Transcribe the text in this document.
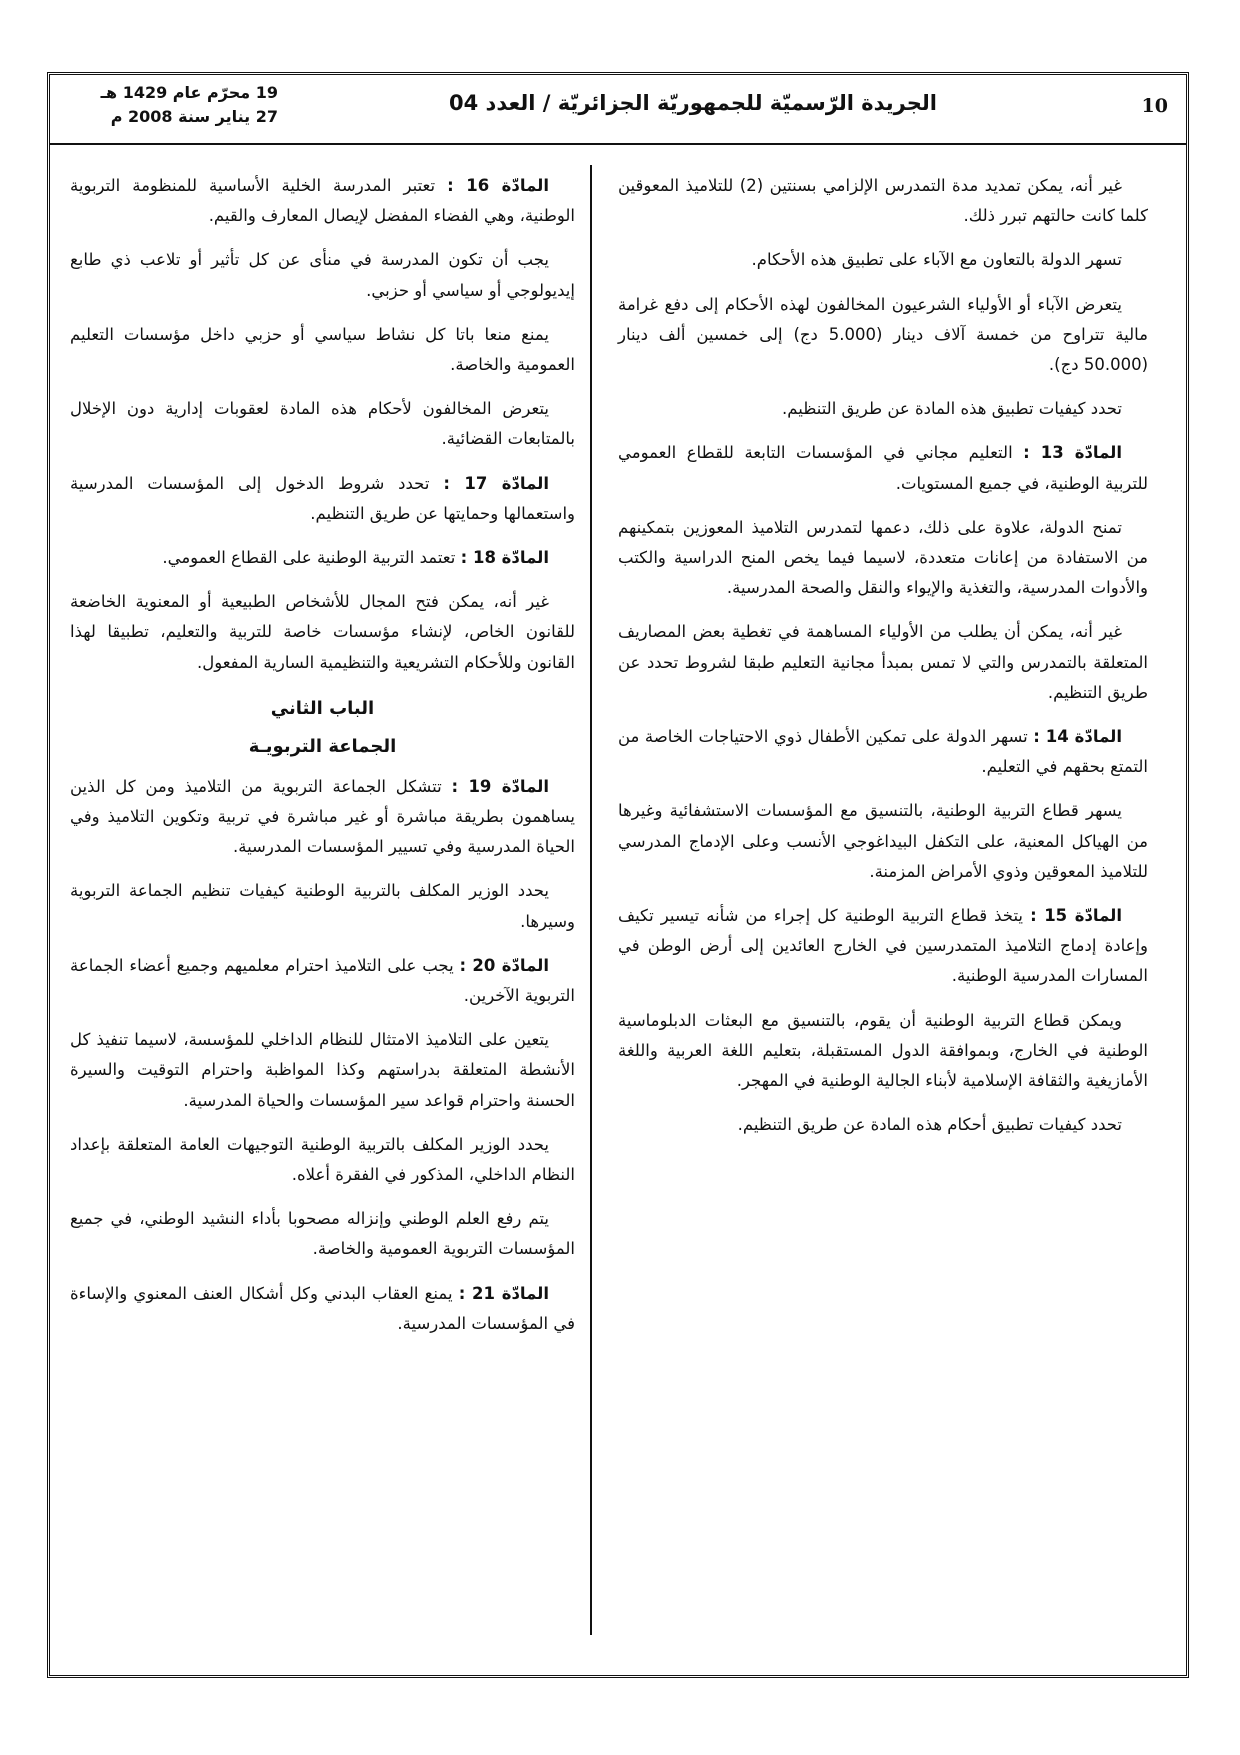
10
الجريدة الرّسميّة للجمهوريّة الجزائريّة / العدد 04
19 محرّم عام 1429 هـ
27 يناير سنة 2008 م

غير أنه، يمكن تمديد مدة التمدرس الإلزامي بسنتين (2) للتلاميذ المعوقين كلما كانت حالتهم تبرر ذلك.

تسهر الدولة بالتعاون مع الآباء على تطبيق هذه الأحكام.

يتعرض الآباء أو الأولياء الشرعيون المخالفون لهذه الأحكام إلى دفع غرامة مالية تتراوح من خمسة آلاف دينار (5.000 دج) إلى خمسين ألف دينار (50.000 دج).

تحدد كيفيات تطبيق هذه المادة عن طريق التنظيم.

المادّة 13 : التعليم مجاني في المؤسسات التابعة للقطاع العمومي للتربية الوطنية، في جميع المستويات.

تمنح الدولة، علاوة على ذلك، دعمها لتمدرس التلاميذ المعوزين بتمكينهم من الاستفادة من إعانات متعددة، لاسيما فيما يخص المنح الدراسية والكتب والأدوات المدرسية، والتغذية والإيواء والنقل والصحة المدرسية.

غير أنه، يمكن أن يطلب من الأولياء المساهمة في تغطية بعض المصاريف المتعلقة بالتمدرس والتي لا تمس بمبدأ مجانية التعليم طبقا لشروط تحدد عن طريق التنظيم.

المادّة 14 : تسهر الدولة على تمكين الأطفال ذوي الاحتياجات الخاصة من التمتع بحقهم في التعليم.

يسهر قطاع التربية الوطنية، بالتنسيق مع المؤسسات الاستشفائية وغيرها من الهياكل المعنية، على التكفل البيداغوجي الأنسب وعلى الإدماج المدرسي للتلاميذ المعوقين وذوي الأمراض المزمنة.

المادّة 15 : يتخذ قطاع التربية الوطنية كل إجراء من شأنه تيسير تكيف وإعادة إدماج التلاميذ المتمدرسين في الخارج العائدين إلى أرض الوطن في المسارات المدرسية الوطنية.

ويمكن قطاع التربية الوطنية أن يقوم، بالتنسيق مع البعثات الدبلوماسية الوطنية في الخارج، وبموافقة الدول المستقبلة، بتعليم اللغة العربية واللغة الأمازيغية والثقافة الإسلامية لأبناء الجالية الوطنية في المهجر.

تحدد كيفيات تطبيق أحكام هذه المادة عن طريق التنظيم.

المادّة 16 : تعتبر المدرسة الخلية الأساسية للمنظومة التربوية الوطنية، وهي الفضاء المفضل لإيصال المعارف والقيم.

يجب أن تكون المدرسة في منأى عن كل تأثير أو تلاعب ذي طابع إيديولوجي أو سياسي أو حزبي.

يمنع منعا باتا كل نشاط سياسي أو حزبي داخل مؤسسات التعليم العمومية والخاصة.

يتعرض المخالفون لأحكام هذه المادة لعقوبات إدارية دون الإخلال بالمتابعات القضائية.

المادّة 17 : تحدد شروط الدخول إلى المؤسسات المدرسية واستعمالها وحمايتها عن طريق التنظيم.

المادّة 18 : تعتمد التربية الوطنية على القطاع العمومي.

غير أنه، يمكن فتح المجال للأشخاص الطبيعية أو المعنوية الخاضعة للقانون الخاص، لإنشاء مؤسسات خاصة للتربية والتعليم، تطبيقا لهذا القانون وللأحكام التشريعية والتنظيمية السارية المفعول.

الباب الثاني
الجماعة التربويـة

المادّة 19 : تتشكل الجماعة التربوية من التلاميذ ومن كل الذين يساهمون بطريقة مباشرة أو غير مباشرة في تربية وتكوين التلاميذ وفي الحياة المدرسية وفي تسيير المؤسسات المدرسية.

يحدد الوزير المكلف بالتربية الوطنية كيفيات تنظيم الجماعة التربوية وسيرها.

المادّة 20 : يجب على التلاميذ احترام معلميهم وجميع أعضاء الجماعة التربوية الآخرين.

يتعين على التلاميذ الامتثال للنظام الداخلي للمؤسسة، لاسيما تنفيذ كل الأنشطة المتعلقة بدراستهم وكذا المواظبة واحترام التوقيت والسيرة الحسنة واحترام قواعد سير المؤسسات والحياة المدرسية.

يحدد الوزير المكلف بالتربية الوطنية التوجيهات العامة المتعلقة بإعداد النظام الداخلي، المذكور في الفقرة أعلاه.

يتم رفع العلم الوطني وإنزاله مصحوبا بأداء النشيد الوطني، في جميع المؤسسات التربوية العمومية والخاصة.

المادّة 21 : يمنع العقاب البدني وكل أشكال العنف المعنوي والإساءة في المؤسسات المدرسية.
